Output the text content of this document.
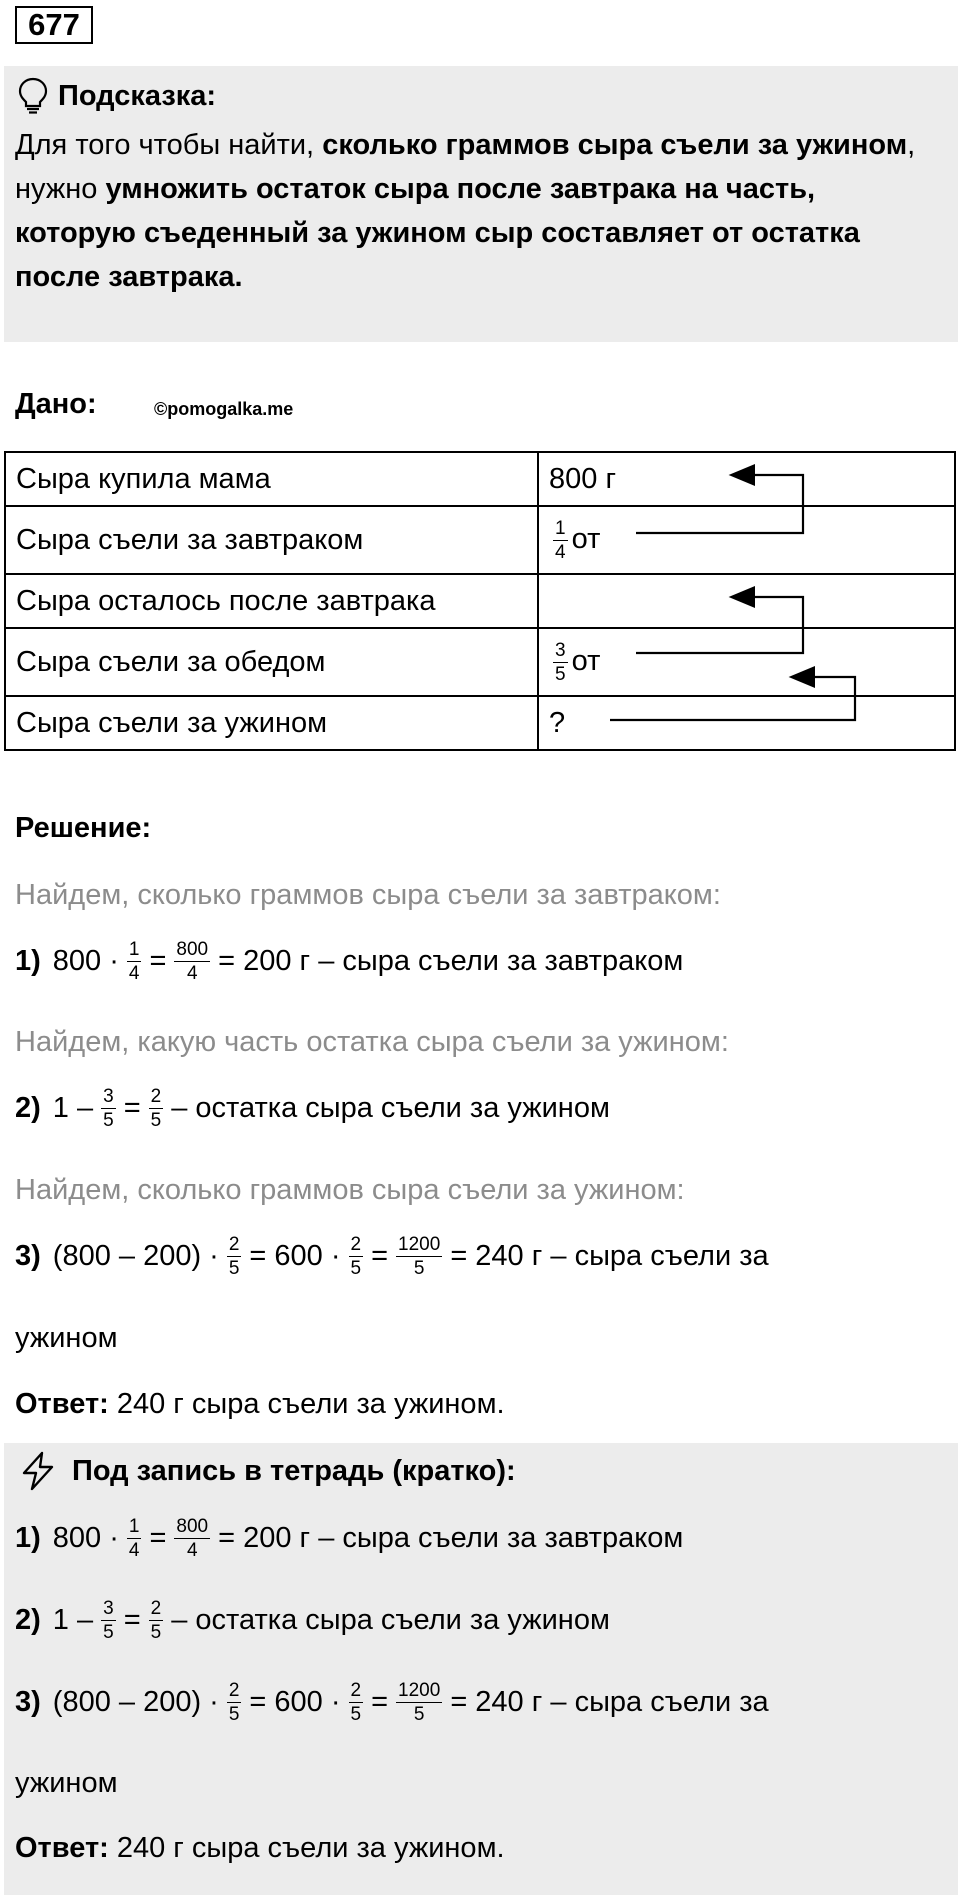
677
Подсказка:
Для того чтобы найти, сколько граммов сыра съели за ужином, нужно умножить остаток сыра после завтрака на часть, которую съеденный за ужином сыр составляет от остатка после завтрака.
Дано:	©pomogalka.me
Сыра купила мама	800 г
Сыра съели за завтраком	$\frac{1}{4}$ от
Сыра осталось после завтрака	
Сыра съели за обедом	$\frac{3}{5}$ от
Сыра съели за ужином	?
Решение:
Найдем, сколько граммов сыра съели за завтраком:
1) $800 \cdot \frac{1}{4} = \frac{800}{4} = 200$ г – сыра съели за завтраком
Найдем, какую часть остатка сыра съели за ужином:
2) $1 - \frac{3}{5} = \frac{2}{5}$ – остатка сыра съели за ужином
Найдем, сколько граммов сыра съели за ужином:
3) $(800 - 200) \cdot \frac{2}{5} = 600 \cdot \frac{2}{5} = \frac{1200}{5} = 240$ г – сыра съели за
ужином
Ответ: 240 г сыра съели за ужином.
Под запись в тетрадь (кратко):
1) $800 \cdot \frac{1}{4} = \frac{800}{4} = 200$ г – сыра съели за завтраком
2) $1 - \frac{3}{5} = \frac{2}{5}$ – остатка сыра съели за ужином
3) $(800 - 200) \cdot \frac{2}{5} = 600 \cdot \frac{2}{5} = \frac{1200}{5} = 240$ г – сыра съели за
ужином
Ответ: 240 г сыра съели за ужином.
